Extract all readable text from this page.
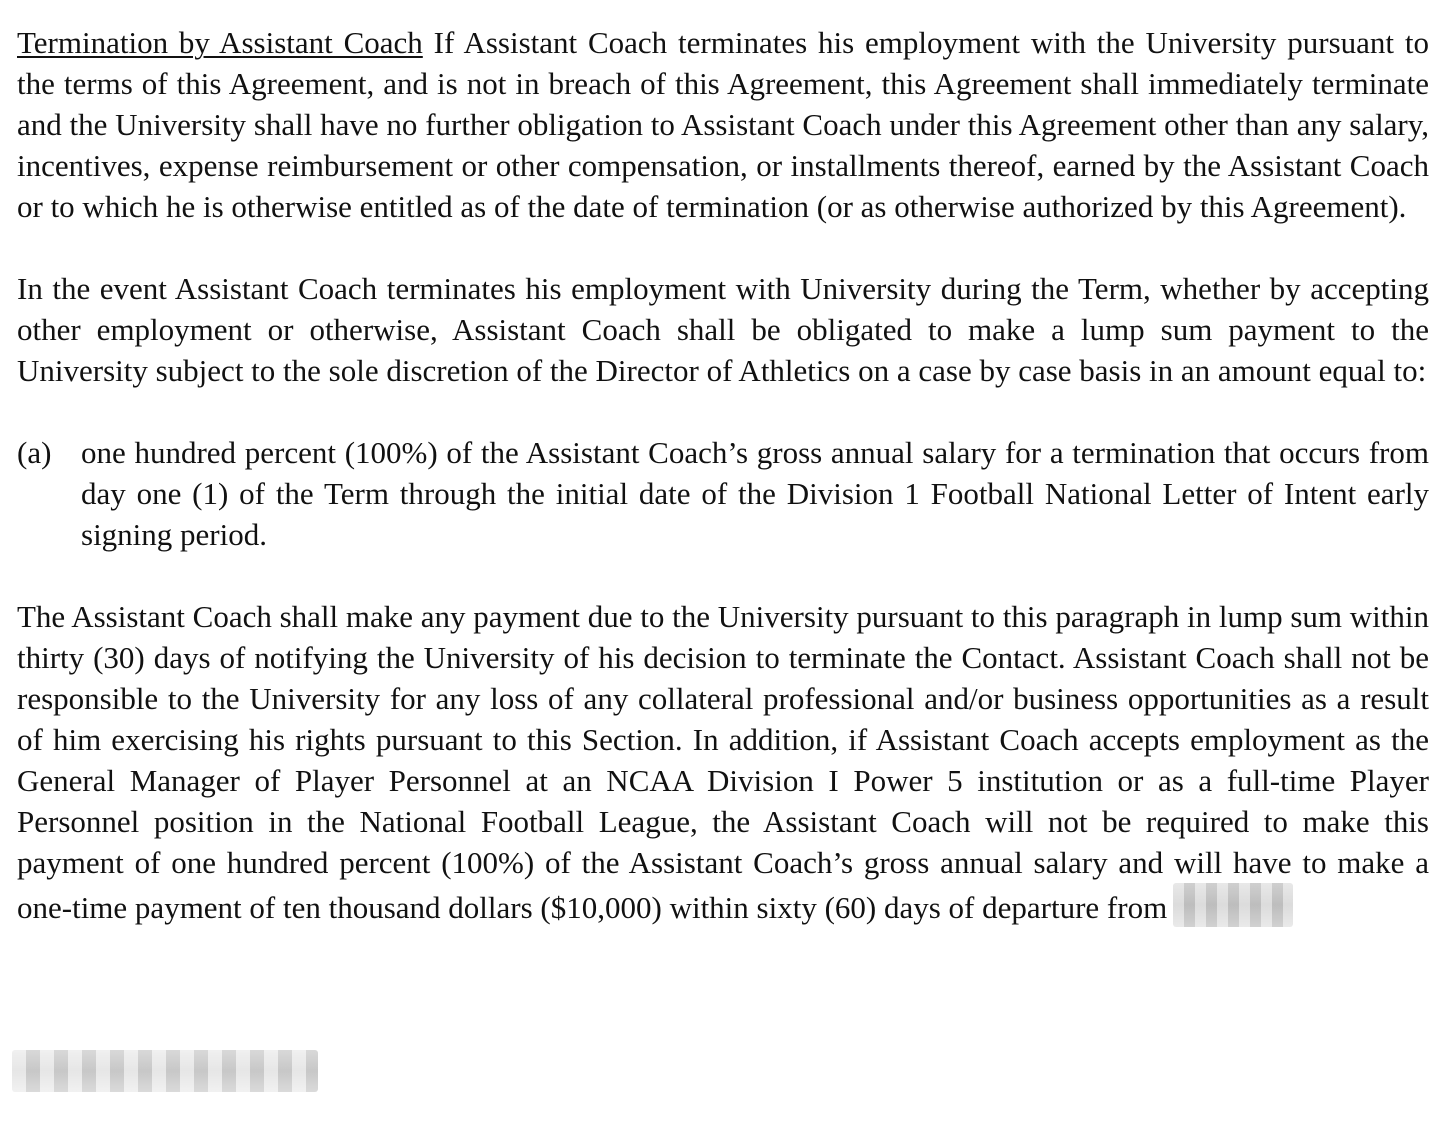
Termination by Assistant Coach If Assistant Coach terminates his employment with the University pursuant to the terms of this Agreement, and is not in breach of this Agreement, this Agreement shall immediately terminate and the University shall have no further obligation to Assistant Coach under this Agreement other than any salary, incentives, expense reimbursement or other compensation, or installments thereof, earned by the Assistant Coach or to which he is otherwise entitled as of the date of termination (or as otherwise authorized by this Agreement).

In the event Assistant Coach terminates his employment with University during the Term, whether by accepting other employment or otherwise, Assistant Coach shall be obligated to make a lump sum payment to the University subject to the sole discretion of the Director of Athletics on a case by case basis in an amount equal to:

(a) one hundred percent (100%) of the Assistant Coach’s gross annual salary for a termination that occurs from day one (1) of the Term through the initial date of the Division 1 Football National Letter of Intent early signing period.

The Assistant Coach shall make any payment due to the University pursuant to this paragraph in lump sum within thirty (30) days of notifying the University of his decision to terminate the Contact. Assistant Coach shall not be responsible to the University for any loss of any collateral professional and/or business opportunities as a result of him exercising his rights pursuant to this Section. In addition, if Assistant Coach accepts employment as the General Manager of Player Personnel at an NCAA Division I Power 5 institution or as a full-time Player Personnel position in the National Football League, the Assistant Coach will not be required to make this payment of one hundred percent (100%) of the Assistant Coach’s gross annual salary and will have to make a one-time payment of ten thousand dollars ($10,000) within sixty (60) days of departure from
